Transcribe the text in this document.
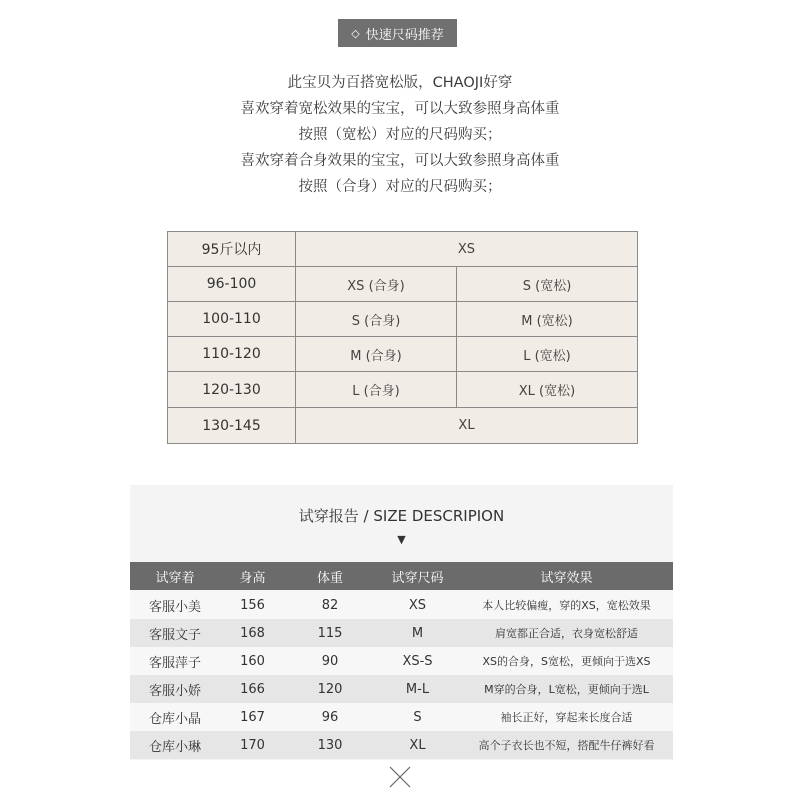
◇ 快速尺码推荐
此宝贝为百搭宽松版，CHAOJI好穿
喜欢穿着宽松效果的宝宝，可以大致参照身高体重
按照（宽松）对应的尺码购买；
喜欢穿着合身效果的宝宝，可以大致参照身高体重
按照（合身）对应的尺码购买；
95斤以内	XS
96-100	XS (合身)	S (宽松)
100-110	S (合身)	M (宽松)
110-120	M (合身)	L (宽松)
120-130	L (合身)	XL (宽松)
130-145	XL
试穿报告 / SIZE DESCRIPION
▼
试穿着	身高	体重	试穿尺码	试穿效果
客服小美	156	82	XS	本人比较偏瘦，穿的XS，宽松效果
客服文子	168	115	M	肩宽都正合适，衣身宽松舒适
客服萍子	160	90	XS-S	XS的合身，S宽松，更倾向于选XS
客服小娇	166	120	M-L	M穿的合身，L宽松，更倾向于选L
仓库小晶	167	96	S	袖长正好，穿起来长度合适
仓库小琳	170	130	XL	高个子衣长也不短，搭配牛仔裤好看
